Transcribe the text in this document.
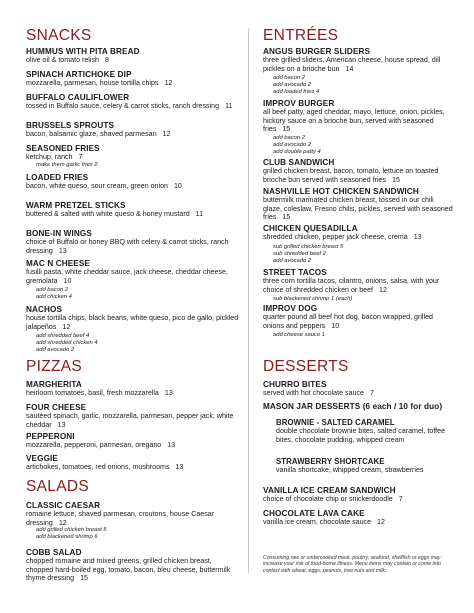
SNACKS
PIZZAS
SALADS
ENTRÉES
DESSERTS
HUMMUS WITH PITA BREAD
olive oil & tomato relish 8
SPINACH ARTICHOKE DIP
mozzarella, parmesan, house tortilla chips 12
BUFFALO CAULIFLOWER
tossed in Buffalo sauce, celery & carrot sticks, ranch dressing 11
BRUSSELS SPROUTS
bacon, balsamic glaze, shaved parmesan 12
SEASONED FRIES
ketchup, ranch 7
make them garlic fries 2
LOADED FRIES
bacon, white queso, sour cream, green onion 10
WARM PRETZEL STICKS
buttered & salted with white queso & honey mustard 11
BONE-IN WINGS
choice of Buffalo or honey BBQ with celery & carrot sticks, ranch dressing 13
MAC N CHEESE
fusilli pasta, white cheddar sauce, jack cheese, cheddar cheese, gremolata 10
add bacon 2
add chicken 4
NACHOS
house tortilla chips, black beans, white queso, pico de gallo, pickled jalapeños 12
add shredded beef 4
add shredded chicken 4
add avocado 2
MARGHERITA
heirloom tomatoes, basil, fresh mozzarella 13
FOUR CHEESE
sautéed spinach, garlic, mozzarella, parmesan, pepper jack, white cheddar 13
PEPPERONI
mozzarella, pepperoni, parmesan, oregano 13
VEGGIE
artichokes, tomatoes, red onions, mushrooms 13
CLASSIC CAESAR
romaine lettuce, shaved parmesan, croutons, house Caesar dressing 12
add grilled chicken breast 5
add blackened shrimp 6
COBB SALAD
chopped romaine and mixed greens, grilled chicken breast, chopped hard-boiled egg, tomato, bacon, bleu cheese, buttermilk thyme dressing 15
ANGUS BURGER SLIDERS
three grilled sliders, American cheese, house spread, dill pickles on a brioche bun 14
add bacon 2
add avocado 2
add loaded fries 4
IMPROV BURGER
all beef patty, aged cheddar, mayo, lettuce, onion, pickles, hickory sauce on a brioche bun, served with seasoned fries 15
add bacon 2
add avocado 2
add double patty 4
CLUB SANDWICH
grilled chicken breast, bacon, tomato, lettuce on toasted brioche bun served with seasoned fries 15
NASHVILLE HOT CHICKEN SANDWICH
buttermilk marinated chicken breast, tossed in our chili glaze, coleslaw, Fresno chilis, pickles, served with seasoned fries 15
CHICKEN QUESADILLA
shredded chicken, pepper jack cheese, crema 13
sub grilled chicken breast 5
sub shredded beef 2
add avocado 2
STREET TACOS
three corn tortilla tacos, cilantro, onions, salsa, with your choice of shredded chicken or beef 12
sub blackened shrimp 1 (each)
IMPROV DOG
quarter pound all beef hot dog, bacon wrapped, grilled onions and peppers 10
add cheese sauce 1
CHURRO BITES
served with hot chocolate sauce 7
MASON JAR DESSERTS (6 each / 10 for duo)
BROWNIE - SALTED CARAMEL
double chocolate brownie bites, salted caramel, toffee bites, chocolate pudding, whipped cream
STRAWBERRY SHORTCAKE
vanilla shortcake, whipped cream, strawberries
VANILLA ICE CREAM SANDWICH
choice of chocolate chip or snickerdoodle 7
CHOCOLATE LAVA CAKE
vanilla ice cream, chocolate sauce 12
Consuming raw or undercooked meat, poultry, seafood, shellfish or eggs may increase your risk of food-borne illness. Menu items may contain or come into contact with wheat, eggs, peanuts, tree nuts and milk.
